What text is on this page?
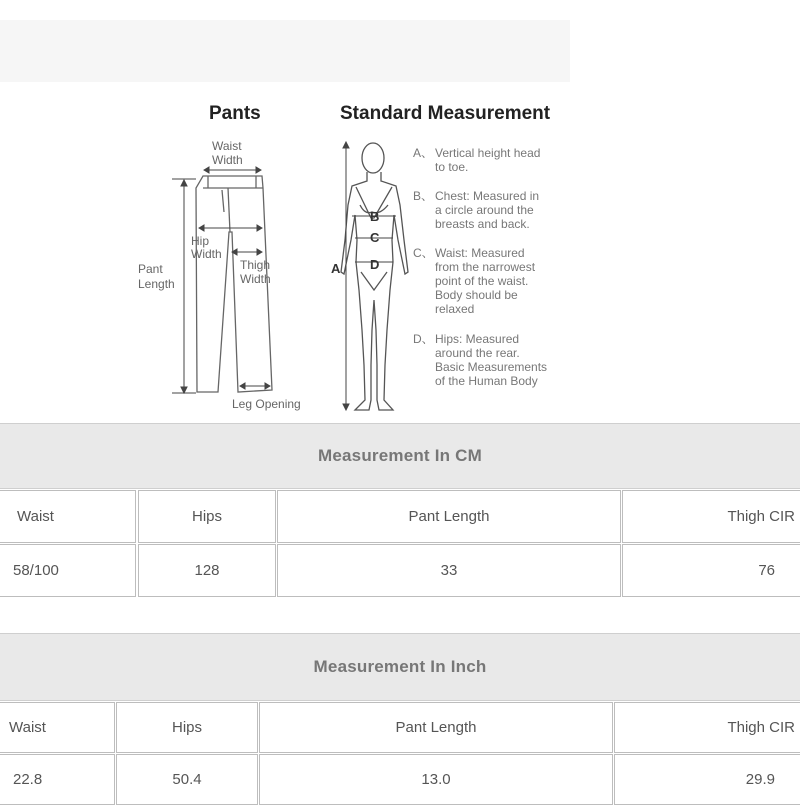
Pants	Standard Measurement
Waist
Width
Hip
Width
Thigh
Width
Pant
Length
Leg Opening
B
C
D
A
A、 Vertical height head
to toe.
B、 Chest: Measured in
a circle around the
breasts and back.
C、 Waist: Measured
from the narrowest
point of the waist.
Body should be
relaxed
D、 Hips: Measured
around the rear.
Basic Measurements
of the Human Body
Measurement In CM
Waist	Hips	Pant Length	Thigh CIR
58/100	128	33	76
Measurement In Inch
Waist	Hips	Pant Length	Thigh CIR
22.8	50.4	13.0	29.9
